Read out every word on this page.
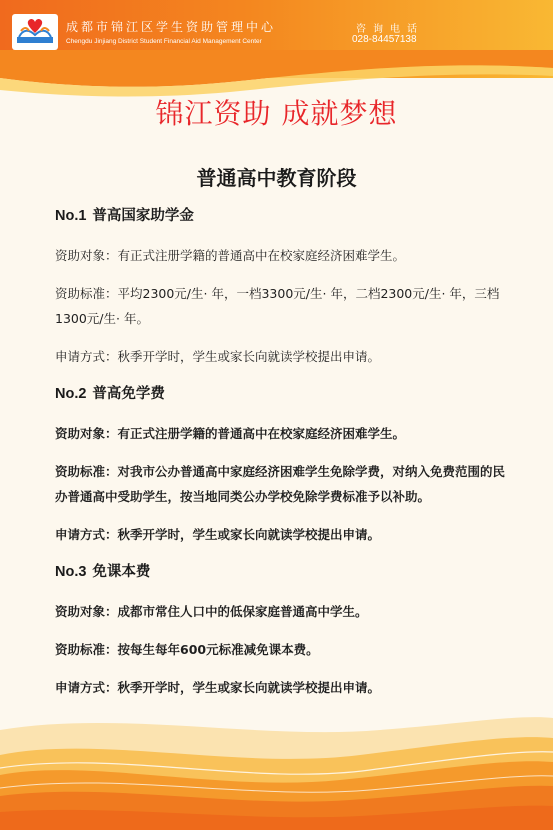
成都市锦江区学生资助管理中心
Chengdu Jinjiang District Student Financial Aid Management Center
咨询电话
028-84457138
锦江资助 成就梦想
普通高中教育阶段
No.1 普高国家助学金
资助对象：有正式注册学籍的普通高中在校家庭经济困难学生。
资助标准：平均2300元/生· 年，一档3300元/生· 年，二档2300元/生· 年，三档1300元/生· 年。
申请方式：秋季开学时，学生或家长向就读学校提出申请。
No.2 普高免学费
资助对象：有正式注册学籍的普通高中在校家庭经济困难学生。
资助标准：对我市公办普通高中家庭经济困难学生免除学费，对纳入免费范围的民办普通高中受助学生，按当地同类公办学校免除学费标准予以补助。
申请方式：秋季开学时，学生或家长向就读学校提出申请。
No.3 免课本费
资助对象：成都市常住人口中的低保家庭普通高中学生。
资助标准：按每生每年600元标准减免课本费。
申请方式：秋季开学时，学生或家长向就读学校提出申请。
